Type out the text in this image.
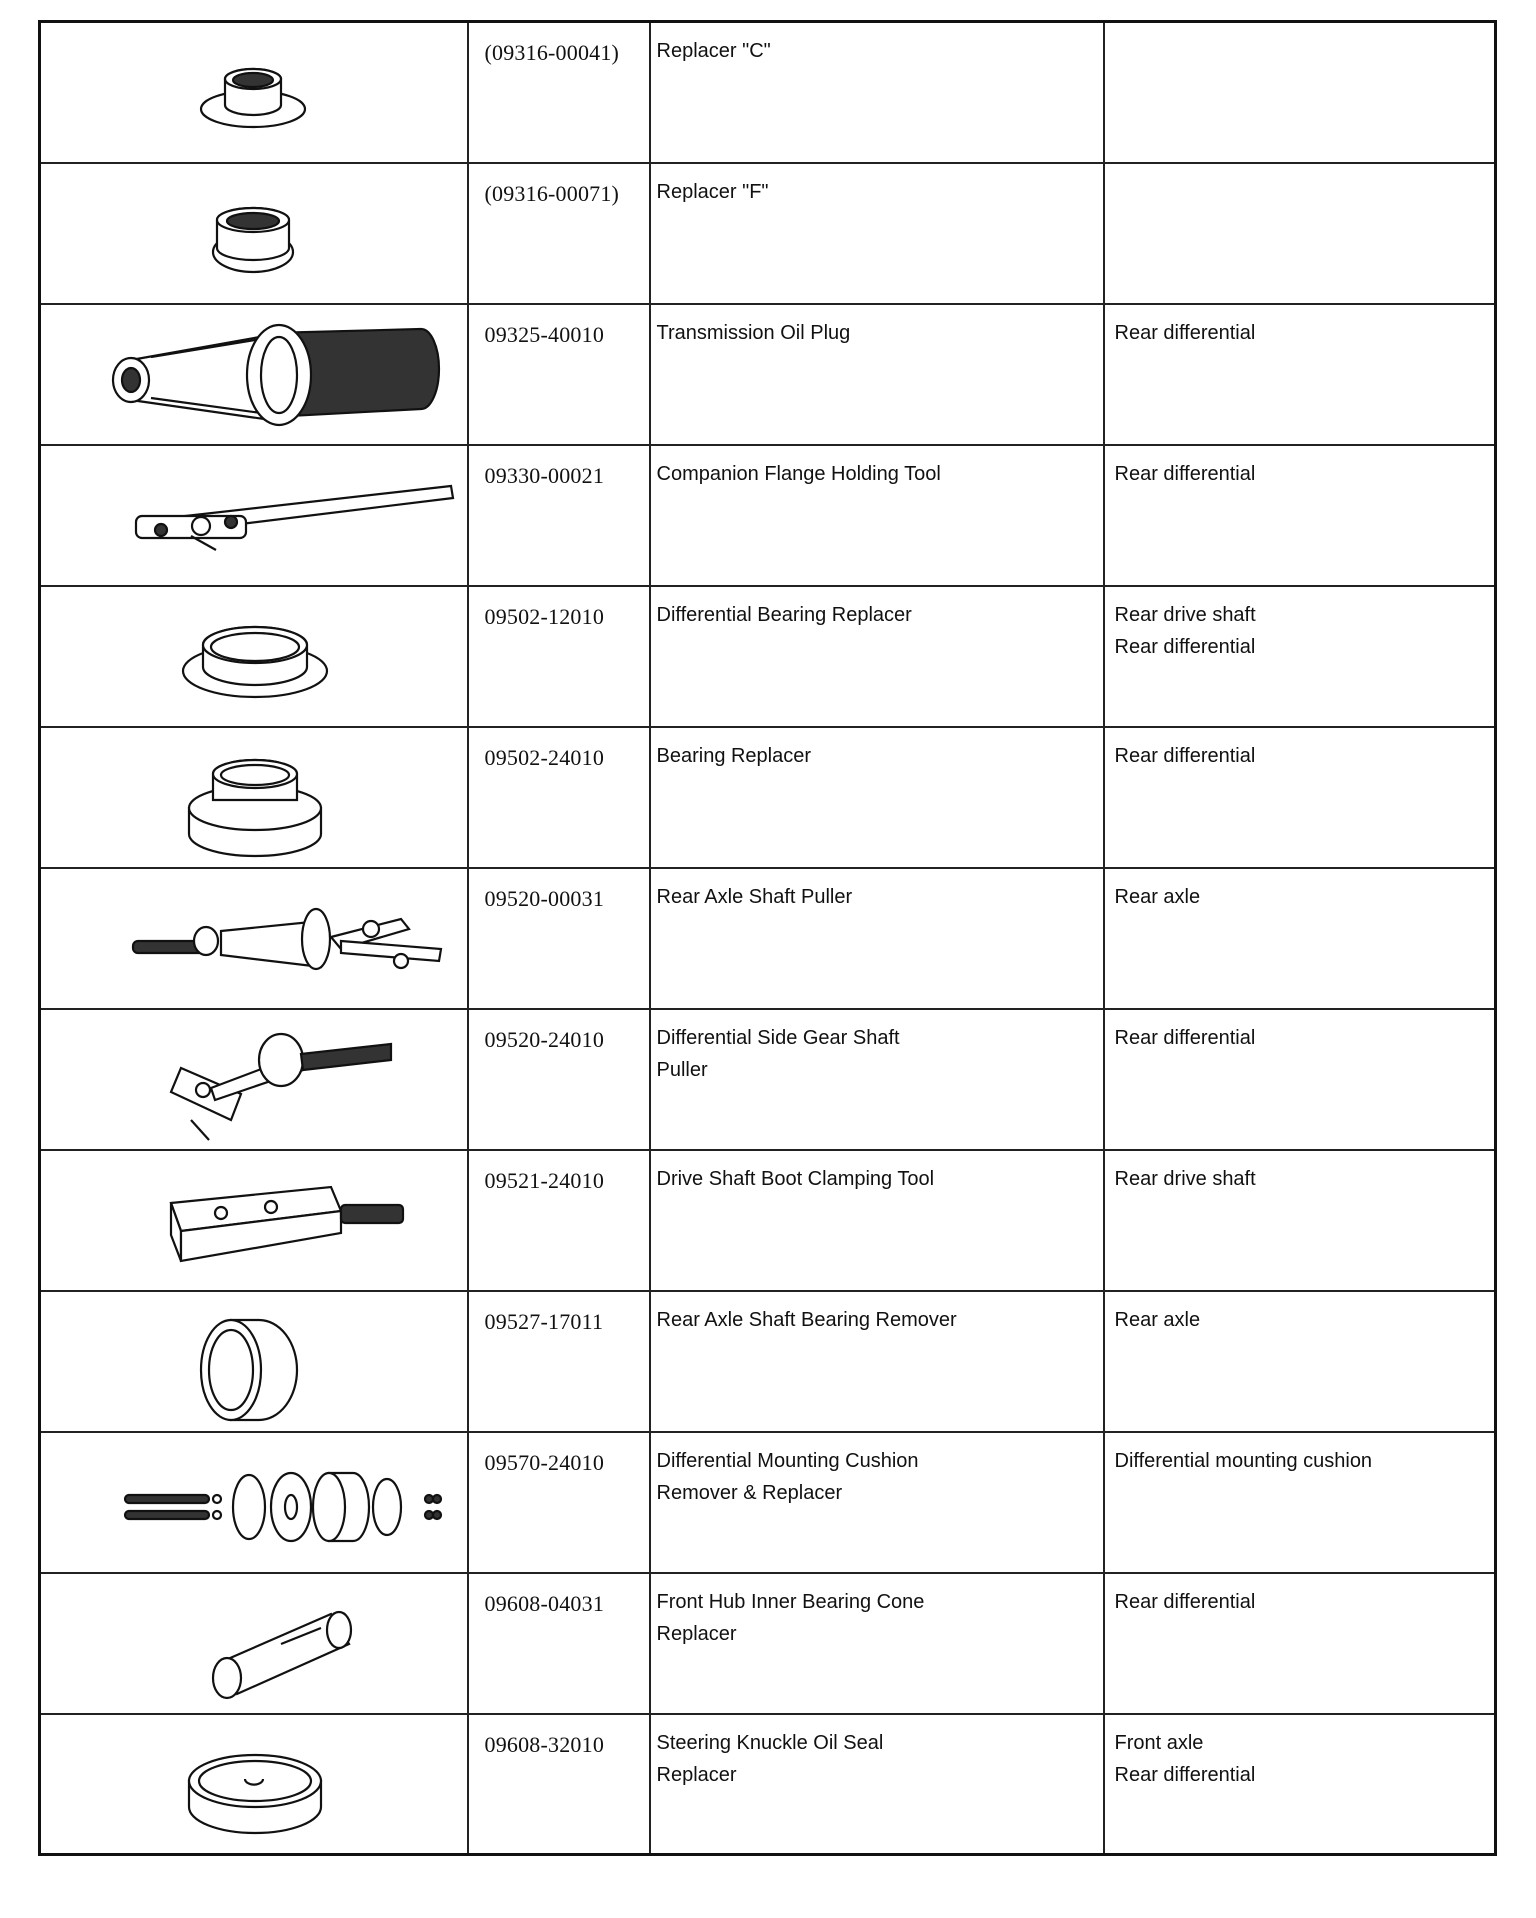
(09316-00041)	Replacer "C"	

(09316-00071)	Replacer "F"	

09325-40010	Transmission Oil Plug	Rear differential

09330-00021	Companion Flange Holding Tool	Rear differential

09502-12010	Differential Bearing Replacer	Rear drive shaft
Rear differential

09502-24010	Bearing Replacer	Rear differential

09520-00031	Rear Axle Shaft Puller	Rear axle

09520-24010	Differential Side Gear Shaft
Puller	Rear differential

09521-24010	Drive Shaft Boot Clamping Tool	Rear drive shaft

09527-17011	Rear Axle Shaft Bearing Remover	Rear axle

09570-24010	Differential Mounting Cushion
Remover & Replacer	Differential mounting cushion

09608-04031	Front Hub Inner Bearing Cone
Replacer	Rear differential

09608-32010	Steering Knuckle Oil Seal
Replacer	Front axle
Rear differential
